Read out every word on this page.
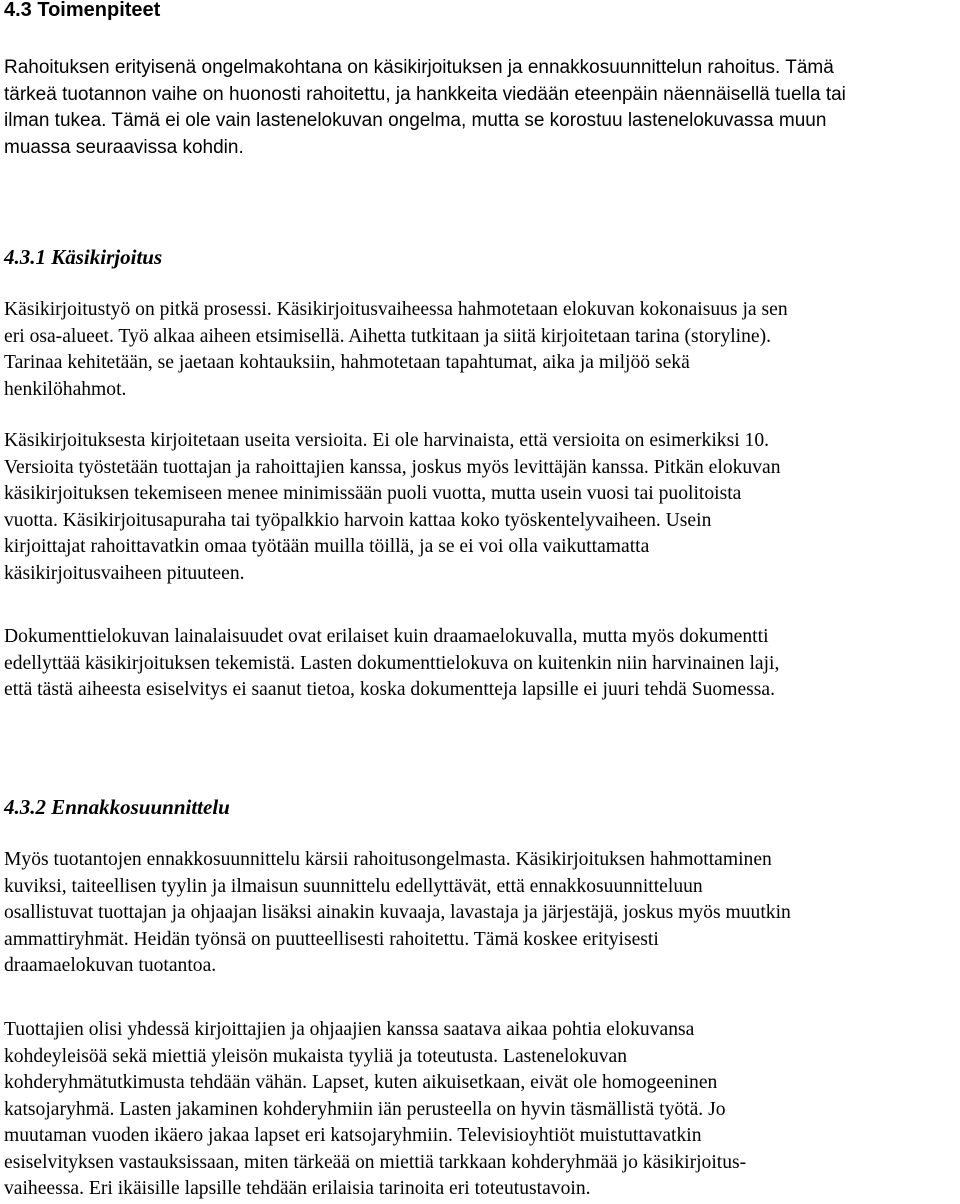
4.3 Toimenpiteet

Rahoituksen erityisenä ongelmakohtana on käsikirjoituksen ja ennakkosuunnittelun rahoitus. Tämä
tärkeä tuotannon vaihe on huonosti rahoitettu, ja hankkeita viedään eteenpäin näennäisellä tuella tai
ilman tukea. Tämä ei ole vain lastenelokuvan ongelma, mutta se korostuu lastenelokuvassa muun
muassa seuraavissa kohdin.

4.3.1 Käsikirjoitus

Käsikirjoitustyö on pitkä prosessi. Käsikirjoitusvaiheessa hahmotetaan elokuvan kokonaisuus ja sen
eri osa-alueet. Työ alkaa aiheen etsimisellä. Aihetta tutkitaan ja siitä kirjoitetaan tarina (storyline).
Tarinaa kehitetään, se jaetaan kohtauksiin, hahmotetaan tapahtumat, aika ja miljöö sekä
henkilöhahmot.

Käsikirjoituksesta kirjoitetaan useita versioita. Ei ole harvinaista, että versioita on esimerkiksi 10.
Versioita työstetään tuottajan ja rahoittajien kanssa, joskus myös levittäjän kanssa. Pitkän elokuvan
käsikirjoituksen tekemiseen menee minimissään puoli vuotta, mutta usein vuosi tai puolitoista
vuotta. Käsikirjoitusapuraha tai työpalkkio harvoin kattaa koko työskentelyvaiheen. Usein
kirjoittajat rahoittavatkin omaa työtään muilla töillä, ja se ei voi olla vaikuttamatta
käsikirjoitusvaiheen pituuteen.

Dokumenttielokuvan lainalaisuudet ovat erilaiset kuin draamaelokuvalla, mutta myös dokumentti
edellyttää käsikirjoituksen tekemistä. Lasten dokumenttielokuva on kuitenkin niin harvinainen laji,
että tästä aiheesta esiselvitys ei saanut tietoa, koska dokumentteja lapsille ei juuri tehdä Suomessa.

4.3.2 Ennakkosuunnittelu

Myös tuotantojen ennakkosuunnittelu kärsii rahoitusongelmasta. Käsikirjoituksen hahmottaminen
kuviksi, taiteellisen tyylin ja ilmaisun suunnittelu edellyttävät, että ennakkosuunnitteluun
osallistuvat tuottajan ja ohjaajan lisäksi ainakin kuvaaja, lavastaja ja järjestäjä, joskus myös muutkin
ammattiryhmät. Heidän työnsä on puutteellisesti rahoitettu. Tämä koskee erityisesti
draamaelokuvan tuotantoa.

Tuottajien olisi yhdessä kirjoittajien ja ohjaajien kanssa saatava aikaa pohtia elokuvansa
kohdeyleisöä sekä miettiä yleisön mukaista tyyliä ja toteutusta. Lastenelokuvan
kohderyhmätutkimusta tehdään vähän. Lapset, kuten aikuisetkaan, eivät ole homogeeninen
katsojaryhmä. Lasten jakaminen kohderyhmiin iän perusteella on hyvin täsmällistä työtä. Jo
muutaman vuoden ikäero jakaa lapset eri katsojaryhmiin. Televisioyhtiöt muistuttavatkin
esiselvityksen vastauksissaan, miten tärkeää on miettiä tarkkaan kohderyhmää jo käsikirjoitus-
vaiheessa. Eri ikäisille lapsille tehdään erilaisia tarinoita eri toteutustavoin.
